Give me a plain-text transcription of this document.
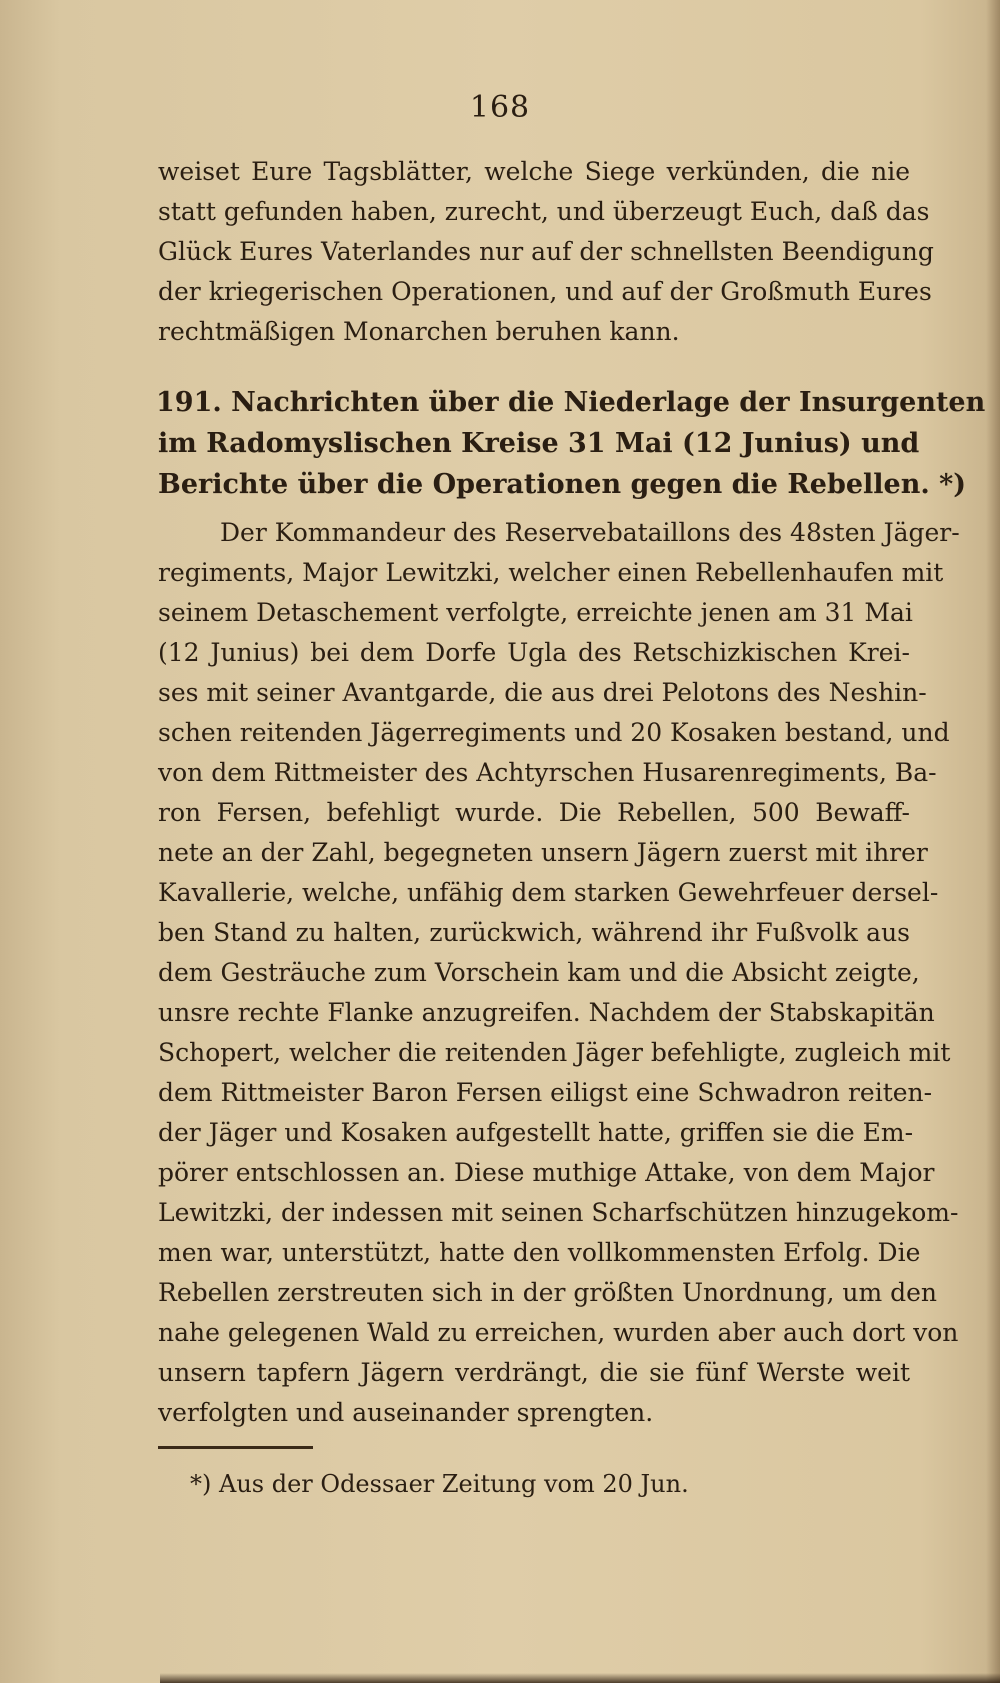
168
weiset Eure Tagsblätter, welche Siege verkünden, die nie
statt gefunden haben, zurecht, und überzeugt Euch, daß das
Glück Eures Vaterlandes nur auf der schnellsten Beendigung
der kriegerischen Operationen, und auf der Großmuth Eures
rechtmäßigen Monarchen beruhen kann.
191. Nachrichten über die Niederlage der Insurgenten
im Radomyslischen Kreise 31 Mai (12 Junius) und
Berichte über die Operationen gegen die Rebellen. *)
Der Kommandeur des Reservebataillons des 48sten Jäger-
regiments, Major Lewitzki, welcher einen Rebellenhaufen mit
seinem Detaschement verfolgte, erreichte jenen am 31 Mai
(12 Junius) bei dem Dorfe Ugla des Retschizkischen Krei-
ses mit seiner Avantgarde, die aus drei Pelotons des Neshin-
schen reitenden Jägerregiments und 20 Kosaken bestand, und
von dem Rittmeister des Achtyrschen Husarenregiments, Ba-
ron Fersen, befehligt wurde. Die Rebellen, 500 Bewaff-
nete an der Zahl, begegneten unsern Jägern zuerst mit ihrer
Kavallerie, welche, unfähig dem starken Gewehrfeuer dersel-
ben Stand zu halten, zurückwich, während ihr Fußvolk aus
dem Gesträuche zum Vorschein kam und die Absicht zeigte,
unsre rechte Flanke anzugreifen. Nachdem der Stabskapitän
Schopert, welcher die reitenden Jäger befehligte, zugleich mit
dem Rittmeister Baron Fersen eiligst eine Schwadron reiten-
der Jäger und Kosaken aufgestellt hatte, griffen sie die Em-
pörer entschlossen an. Diese muthige Attake, von dem Major
Lewitzki, der indessen mit seinen Scharfschützen hinzugekom-
men war, unterstützt, hatte den vollkommensten Erfolg. Die
Rebellen zerstreuten sich in der größten Unordnung, um den
nahe gelegenen Wald zu erreichen, wurden aber auch dort von
unsern tapfern Jägern verdrängt, die sie fünf Werste weit
verfolgten und auseinander sprengten.
*) Aus der Odessaer Zeitung vom 20 Jun.
